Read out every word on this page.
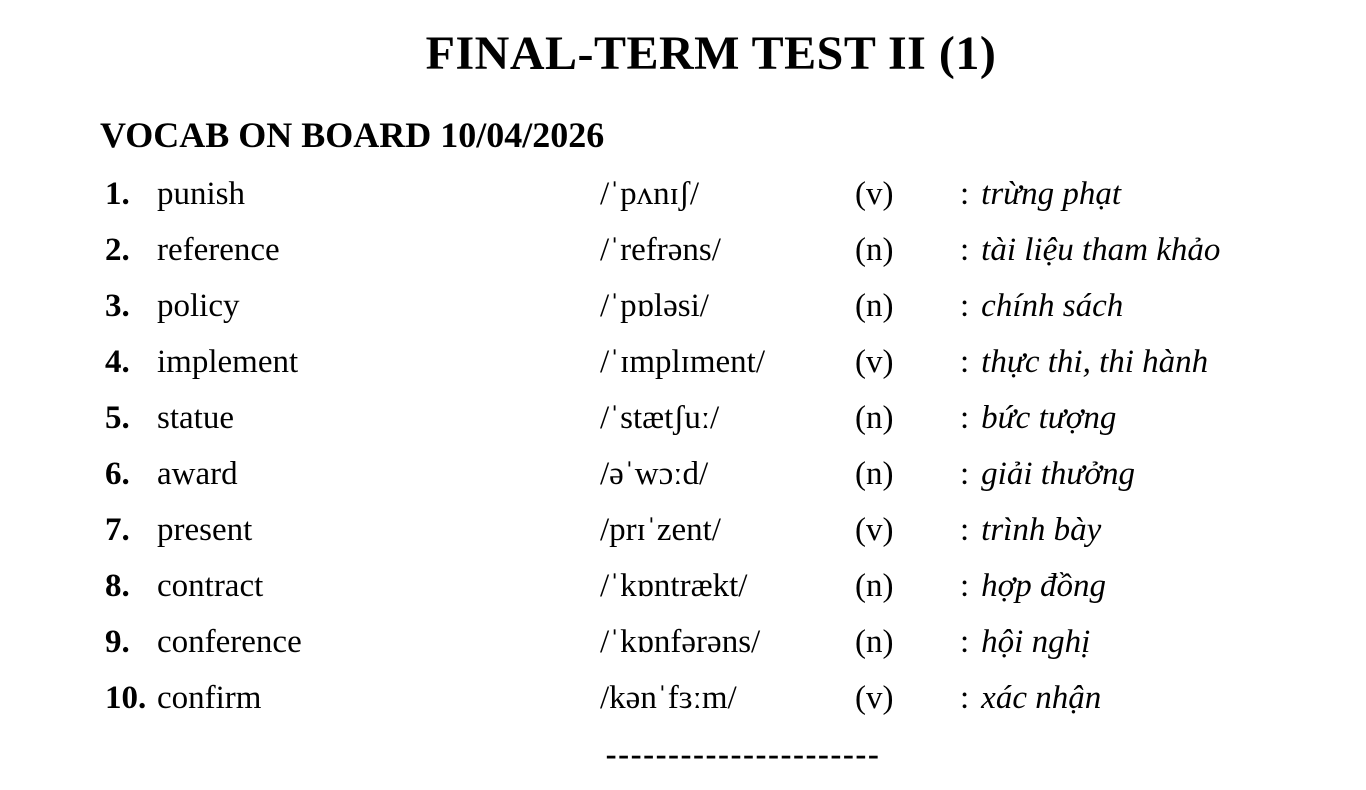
FINAL-TERM TEST II (1)
VOCAB ON BOARD 10/04/2026
1. punish	/ˈpʌnɪʃ/	(v)	: trừng phạt
2. reference	/ˈrefrəns/	(n)	: tài liệu tham khảo
3. policy	/ˈpɒləsi/	(n)	: chính sách
4. implement	/ˈɪmplɪment/	(v)	: thực thi, thi hành
5. statue	/ˈstætʃuː/	(n)	: bức tượng
6. award	/əˈwɔːd/	(n)	: giải thưởng
7. present	/prɪˈzent/	(v)	: trình bày
8. contract	/ˈkɒntrækt/	(n)	: hợp đồng
9. conference	/ˈkɒnfərəns/	(n)	: hội nghị
10. confirm	/kənˈfɜːm/	(v)	: xác nhận
----------------------
